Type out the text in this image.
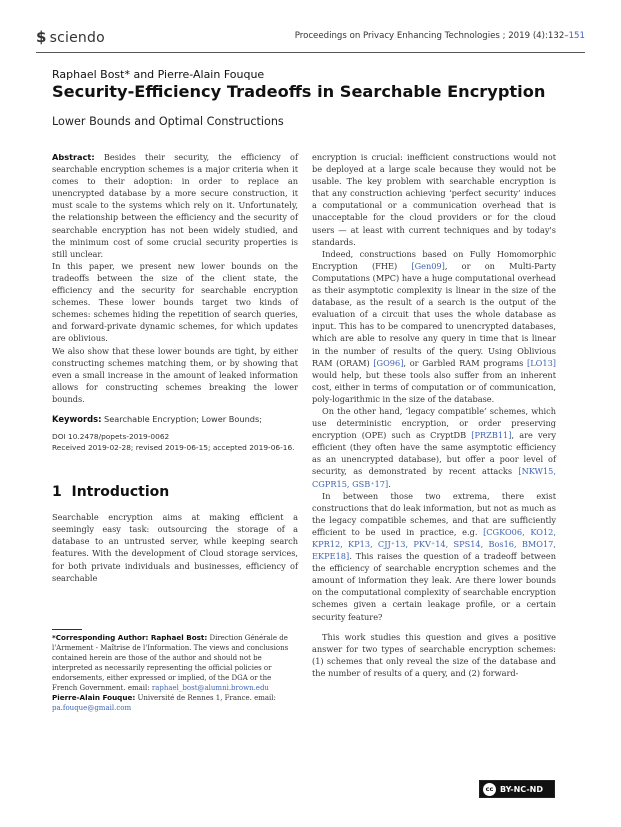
$ sciendo	Proceedings on Privacy Enhancing Technologies ; 2019 (4):132–151
Raphael Bost* and Pierre-Alain Fouque
Security-Efficiency Tradeoffs in Searchable Encryption
Lower Bounds and Optimal Constructions

Abstract: Besides their security, the efficiency of searchable encryption schemes is a major criteria when it comes to their adoption: in order to replace an unencrypted database by a more secure construction, it must scale to the systems which rely on it. Unfortunately, the relationship between the efficiency and the security of searchable encryption has not been widely studied, and the minimum cost of some crucial security properties is still unclear.

In this paper, we present new lower bounds on the tradeoffs between the size of the client state, the efficiency and the security for searchable encryption schemes. These lower bounds target two kinds of schemes: schemes hiding the repetition of search queries, and forward-private dynamic schemes, for which updates are oblivious.

We also show that these lower bounds are tight, by either constructing schemes matching them, or by showing that even a small increase in the amount of leaked information allows for constructing schemes breaking the lower bounds.

Keywords: Searchable Encryption; Lower Bounds;

DOI 10.2478/popets-2019-0062
Received 2019-02-28; revised 2019-06-15; accepted 2019-06-16.
1 Introduction

Searchable encryption aims at making efficient a seemingly easy task: outsourcing the storage of a database to an untrusted server, while keeping search features. With the development of Cloud storage services, for both private individuals and businesses, efficiency of searchable

*Corresponding Author: Raphael Bost: Direction Générale de l'Armement - Maîtrise de l'Information. The views and conclusions contained herein are those of the author and should not be interpreted as necessarily representing the official policies or endorsements, either expressed or implied, of the DGA or the French Government. email: raphael_bost@alumni.brown.edu
Pierre-Alain Fouque: Université de Rennes 1, France. email: pa.fouque@gmail.com

encryption is crucial: inefficient constructions would not be deployed at a large scale because they would not be usable. The key problem with searchable encryption is that any construction achieving ‘perfect security’ induces a computational or a communication overhead that is unacceptable for the cloud providers or for the cloud users — at least with current techniques and by today's standards.

Indeed, constructions based on Fully Homomorphic Encryption (FHE) [Gen09], or on Multi-Party Computations (MPC) have a huge computational overhead as their asymptotic complexity is linear in the size of the database, as the result of a search is the output of the evaluation of a circuit that uses the whole database as input. This has to be compared to unencrypted databases, which are able to resolve any query in time that is linear in the number of results of the query. Using Oblivious RAM (ORAM) [GO96], or Garbled RAM programs [LO13] would help, but these tools also suffer from an inherent cost, either in terms of computation or of communication, poly-logarithmic in the size of the database.

On the other hand, ‘legacy compatible’ schemes, which use deterministic encryption, or order preserving encryption (OPE) such as CryptDB [PRZB11], are very efficient (they often have the same asymptotic efficiency as an unencrypted database), but offer a poor level of security, as demonstrated by recent attacks [NKW15, CGPR15, GSB⁺17].

In between those two extrema, there exist constructions that do leak information, but not as much as the legacy compatible schemes, and that are sufficiently efficient to be used in practice, e.g. [CGKO06, KO12, KPR12, KP13, CJJ⁺13, PKV⁺14, SPS14, Bos16, BMO17, EKPE18]. This raises the question of a tradeoff between the efficiency of searchable encryption schemes and the amount of information they leak. Are there lower bounds on the computational complexity of searchable encryption schemes given a certain leakage profile, or a certain security feature?

This work studies this question and gives a positive answer for two types of searchable encryption schemes: (1) schemes that only reveal the size of the database and the number of results of a query, and (2) forward-

cc BY-NC-ND
